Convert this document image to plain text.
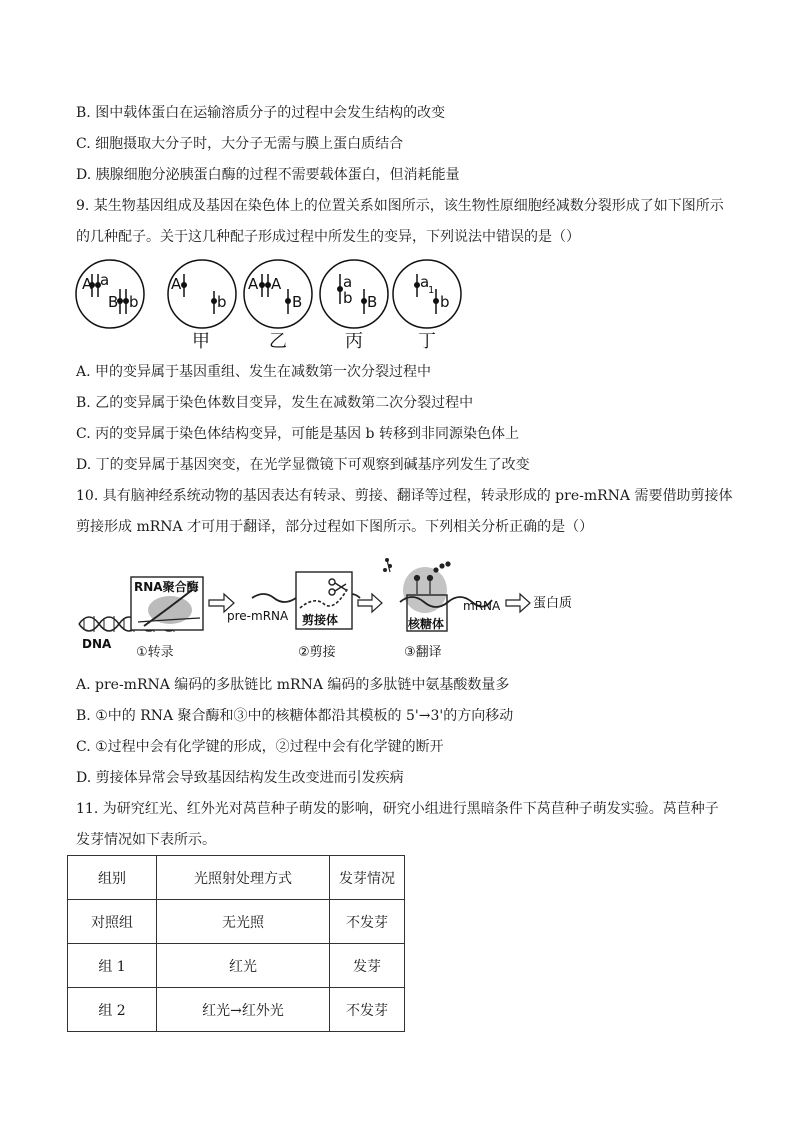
B. 图中载体蛋白在运输溶质分子的过程中会发生结构的改变
C. 细胞摄取大分子时，大分子无需与膜上蛋白质结合
D. 胰腺细胞分泌胰蛋白酶的过程不需要载体蛋白，但消耗能量
9. 某生物基因组成及基因在染色体上的位置关系如图所示，该生物性原细胞经减数分裂形成了如下图所示
的几种配子。关于这几种配子形成过程中所发生的变异，下列说法中错误的是（）
A a
B b
A
b
A A
B
a
b B
a
1
b
甲	乙	丙	丁
A. 甲的变异属于基因重组、发生在减数第一次分裂过程中
B. 乙的变异属于染色体数目变异，发生在减数第二次分裂过程中
C. 丙的变异属于染色体结构变异，可能是基因 b 转移到非同源染色体上
D. 丁的变异属于基因突变，在光学显微镜下可观察到碱基序列发生了改变
10. 具有脑神经系统动物的基因表达有转录、剪接、翻译等过程，转录形成的 pre-mRNA 需要借助剪接体
剪接形成 mRNA 才可用于翻译，部分过程如下图所示。下列相关分析正确的是（）
RNA聚合酶
DNA
①转录
pre-mRNA 剪接体
②剪接
核糖体
mRNA
③翻译
蛋白质
A. pre-mRNA 编码的多肽链比 mRNA 编码的多肽链中氨基酸数量多
B. ①中的 RNA 聚合酶和③中的核糖体都沿其模板的 5'→3'的方向移动
C. ①过程中会有化学键的形成，②过程中会有化学键的断开
D. 剪接体异常会导致基因结构发生改变进而引发疾病
11. 为研究红光、红外光对莴苣种子萌发的影响，研究小组进行黑暗条件下莴苣种子萌发实验。莴苣种子
发芽情况如下表所示。
组别	光照射处理方式	发芽情况
对照组	无光照	不发芽
组 1	红光	发芽
组 2	红光→红外光	不发芽
